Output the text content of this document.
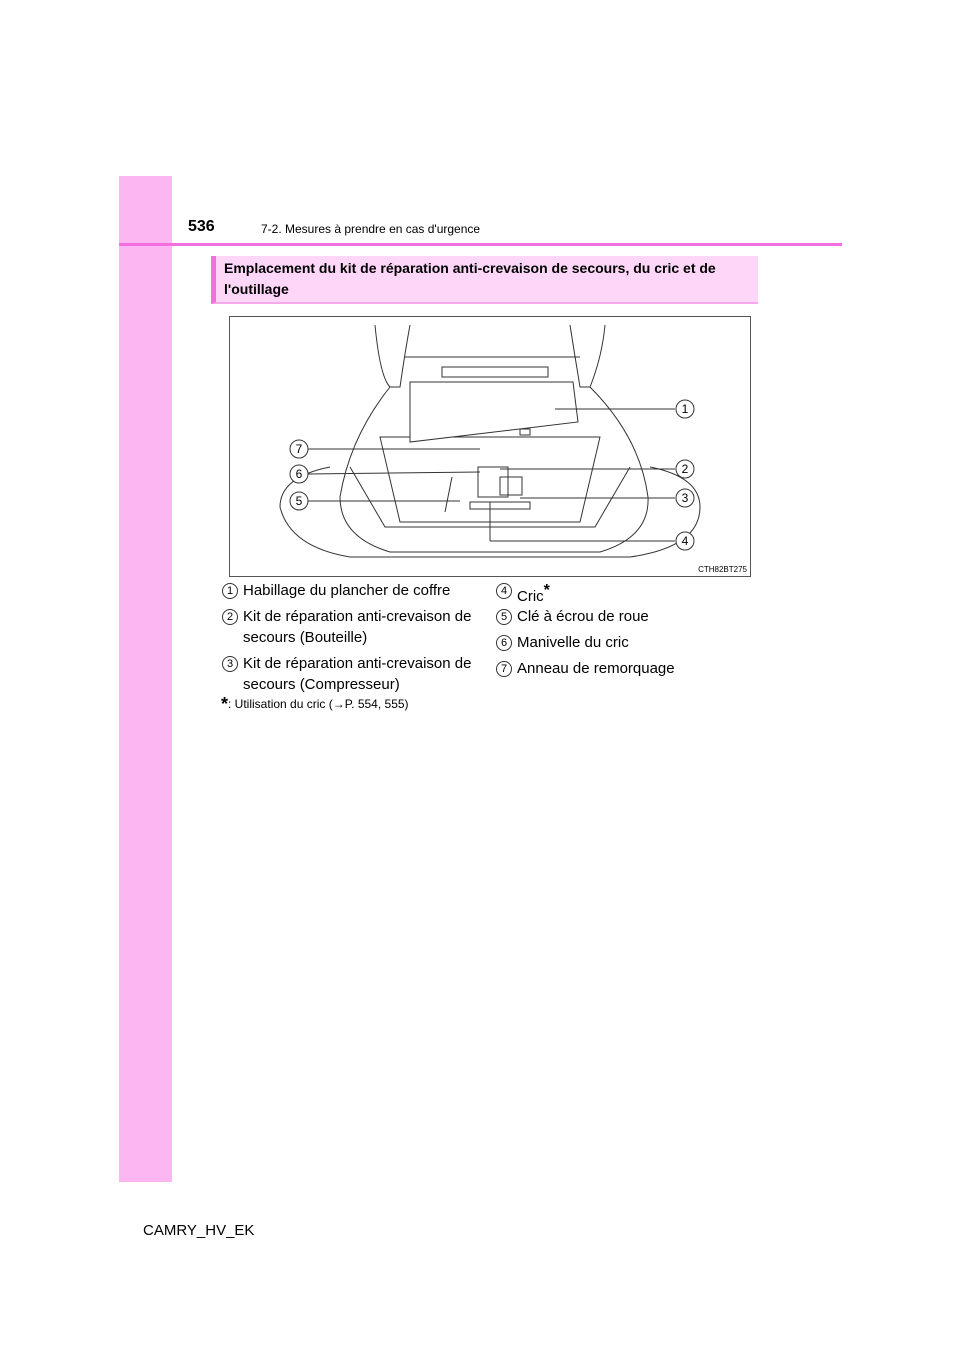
536	7-2. Mesures à prendre en cas d'urgence
Emplacement du kit de réparation anti-crevaison de secours, du cric et de l'outillage
1
2
3
4
5
6
7
CTH82BT275
1 Habillage du plancher de coffre
2 Kit de réparation anti-crevaison de secours (Bouteille)
3 Kit de réparation anti-crevaison de secours (Compresseur)
4 Cric*
5 Clé à écrou de roue
6 Manivelle du cric
7 Anneau de remorquage
*: Utilisation du cric (→P. 554, 555)
CAMRY_HV_EK
